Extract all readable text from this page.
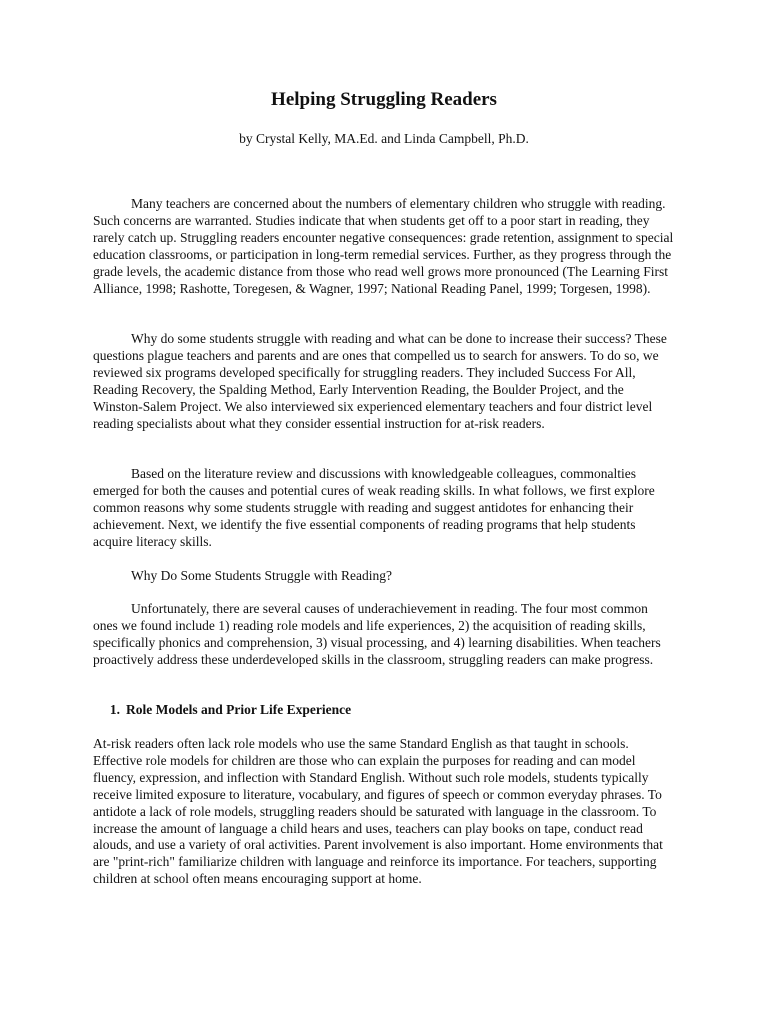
Helping Struggling Readers

by Crystal Kelly, MA.Ed. and Linda Campbell, Ph.D.

Many teachers are concerned about the numbers of elementary children who struggle with reading. Such concerns are warranted. Studies indicate that when students get off to a poor start in reading, they rarely catch up. Struggling readers encounter negative consequences: grade retention, assignment to special education classrooms, or participation in long-term remedial services. Further, as they progress through the grade levels, the academic distance from those who read well grows more pronounced (The Learning First Alliance, 1998; Rashotte, Toregesen, & Wagner, 1997; National Reading Panel, 1999; Torgesen, 1998).

Why do some students struggle with reading and what can be done to increase their success? These questions plague teachers and parents and are ones that compelled us to search for answers. To do so, we reviewed six programs developed specifically for struggling readers. They included Success For All, Reading Recovery, the Spalding Method, Early Intervention Reading, the Boulder Project, and the Winston-Salem Project. We also interviewed six experienced elementary teachers and four district level reading specialists about what they consider essential instruction for at-risk readers.

Based on the literature review and discussions with knowledgeable colleagues, commonalties emerged for both the causes and potential cures of weak reading skills. In what follows, we first explore common reasons why some students struggle with reading and suggest antidotes for enhancing their achievement. Next, we identify the five essential components of reading programs that help students acquire literacy skills.

Why Do Some Students Struggle with Reading?

Unfortunately, there are several causes of underachievement in reading. The four most common ones we found include 1) reading role models and life experiences, 2) the acquisition of reading skills, specifically phonics and comprehension, 3) visual processing, and 4) learning disabilities. When teachers proactively address these underdeveloped skills in the classroom, struggling readers can make progress.

1. Role Models and Prior Life Experience

At-risk readers often lack role models who use the same Standard English as that taught in schools. Effective role models for children are those who can explain the purposes for reading and can model fluency, expression, and inflection with Standard English. Without such role models, students typically receive limited exposure to literature, vocabulary, and figures of speech or common everyday phrases. To antidote a lack of role models, struggling readers should be saturated with language in the classroom. To increase the amount of language a child hears and uses, teachers can play books on tape, conduct read alouds, and use a variety of oral activities. Parent involvement is also important. Home environments that are "print-rich" familiarize children with language and reinforce its importance. For teachers, supporting children at school often means encouraging support at home.
